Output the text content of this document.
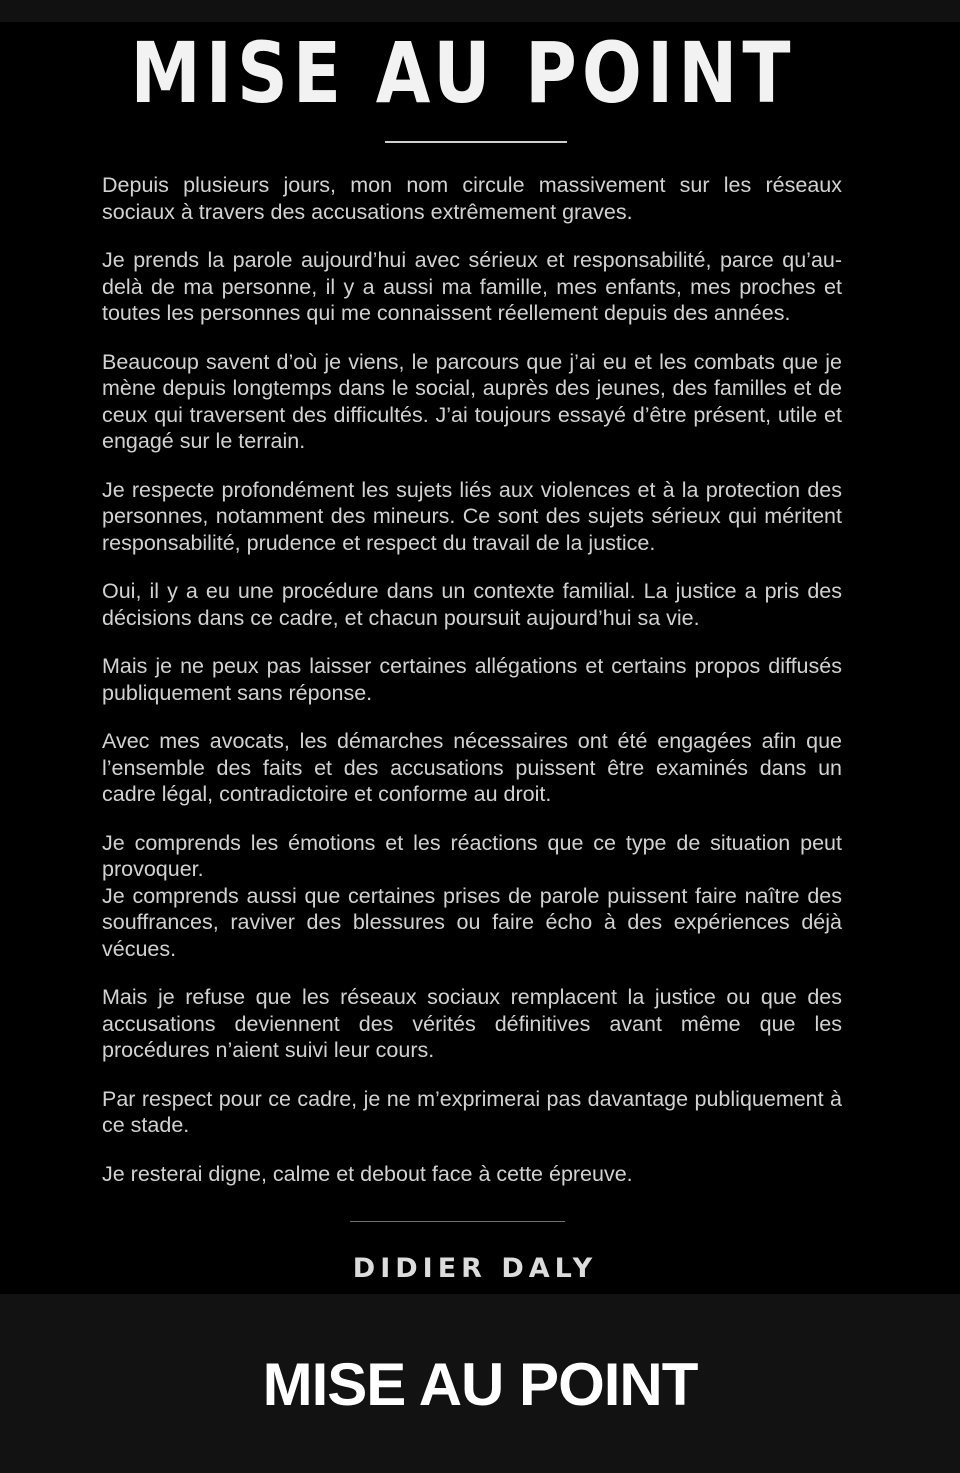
MISE AU POINT
Depuis plusieurs jours, mon nom circule massivement sur les réseaux sociaux à travers des accusations extrêmement graves.
Je prends la parole aujourd’hui avec sérieux et responsabilité, parce qu’au-delà de ma personne, il y a aussi ma famille, mes enfants, mes proches et toutes les personnes qui me connaissent réellement depuis des années.
Beaucoup savent d’où je viens, le parcours que j’ai eu et les combats que je mène depuis longtemps dans le social, auprès des jeunes, des familles et de ceux qui traversent des difficultés. J’ai toujours essayé d’être présent, utile et engagé sur le terrain.
Je respecte profondément les sujets liés aux violences et à la protection des personnes, notamment des mineurs. Ce sont des sujets sérieux qui méritent responsabilité, prudence et respect du travail de la justice.
Oui, il y a eu une procédure dans un contexte familial. La justice a pris des décisions dans ce cadre, et chacun poursuit aujourd’hui sa vie.
Mais je ne peux pas laisser certaines allégations et certains propos diffusés publiquement sans réponse.
Avec mes avocats, les démarches nécessaires ont été engagées afin que l’ensemble des faits et des accusations puissent être examinés dans un cadre légal, contradictoire et conforme au droit.
Je comprends les émotions et les réactions que ce type de situation peut provoquer.
Je comprends aussi que certaines prises de parole puissent faire naître des souffrances, raviver des blessures ou faire écho à des expériences déjà vécues.
Mais je refuse que les réseaux sociaux remplacent la justice ou que des accusations deviennent des vérités définitives avant même que les procédures n’aient suivi leur cours.
Par respect pour ce cadre, je ne m’exprimerai pas davantage publiquement à ce stade.
Je resterai digne, calme et debout face à cette épreuve.
DIDIER DALY
MISE AU POINT
